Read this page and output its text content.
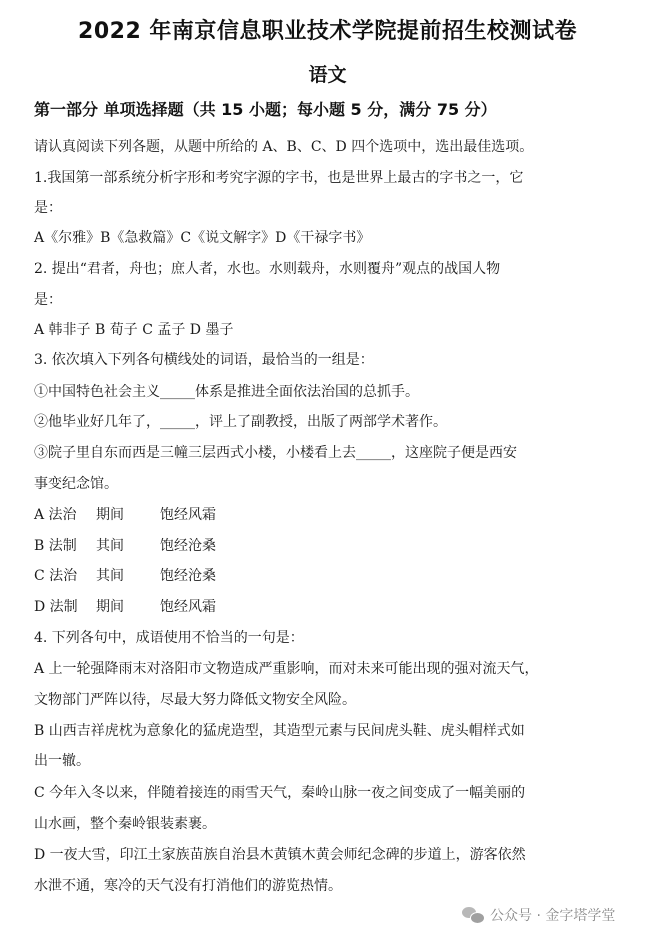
2022 年南京信息职业技术学院提前招生校测试卷
语文
第一部分 单项选择题（共 15 小题；每小题 5 分，满分 75 分）
请认真阅读下列各题，从题中所给的 A、B、C、D 四个选项中，选出最佳选项。
1.我国第一部系统分析字形和考究字源的字书，也是世界上最古的字书之一，它
是：
A《尔雅》B《急救篇》C《说文解字》D《干禄字书》
2. 提出“君者，舟也；庶人者，水也。水则载舟，水则覆舟”观点的战国人物
是：
A 韩非子 B 荀子 C 孟子 D 墨子
3. 依次填入下列各句横线处的词语，最恰当的一组是：
①中国特色社会主义_____体系是推进全面依法治国的总抓手。
②他毕业好几年了，_____，评上了副教授，出版了两部学术著作。
③院子里自东而西是三幢三层西式小楼，小楼看上去_____，这座院子便是西安
事变纪念馆。
A 法治 期间	饱经风霜
B 法制 其间	饱经沧桑
C 法治 其间	饱经沧桑
D 法制 期间	饱经风霜
4. 下列各句中，成语使用不恰当的一句是：
A 上一轮强降雨末对洛阳市文物造成严重影响，而对未来可能出现的强对流天气，
文物部门严阵以待，尽最大努力降低文物安全风险。
B 山西吉祥虎枕为意象化的猛虎造型，其造型元素与民间虎头鞋、虎头帽样式如
出一辙。
C 今年入冬以来，伴随着接连的雨雪天气，秦岭山脉一夜之间变成了一幅美丽的
山水画，整个秦岭银装素裹。
D 一夜大雪，印江土家族苗族自治县木黄镇木黄会师纪念碑的步道上，游客依然
水泄不通，寒冷的天气没有打消他们的游览热情。
公众号 · 金字塔学堂
